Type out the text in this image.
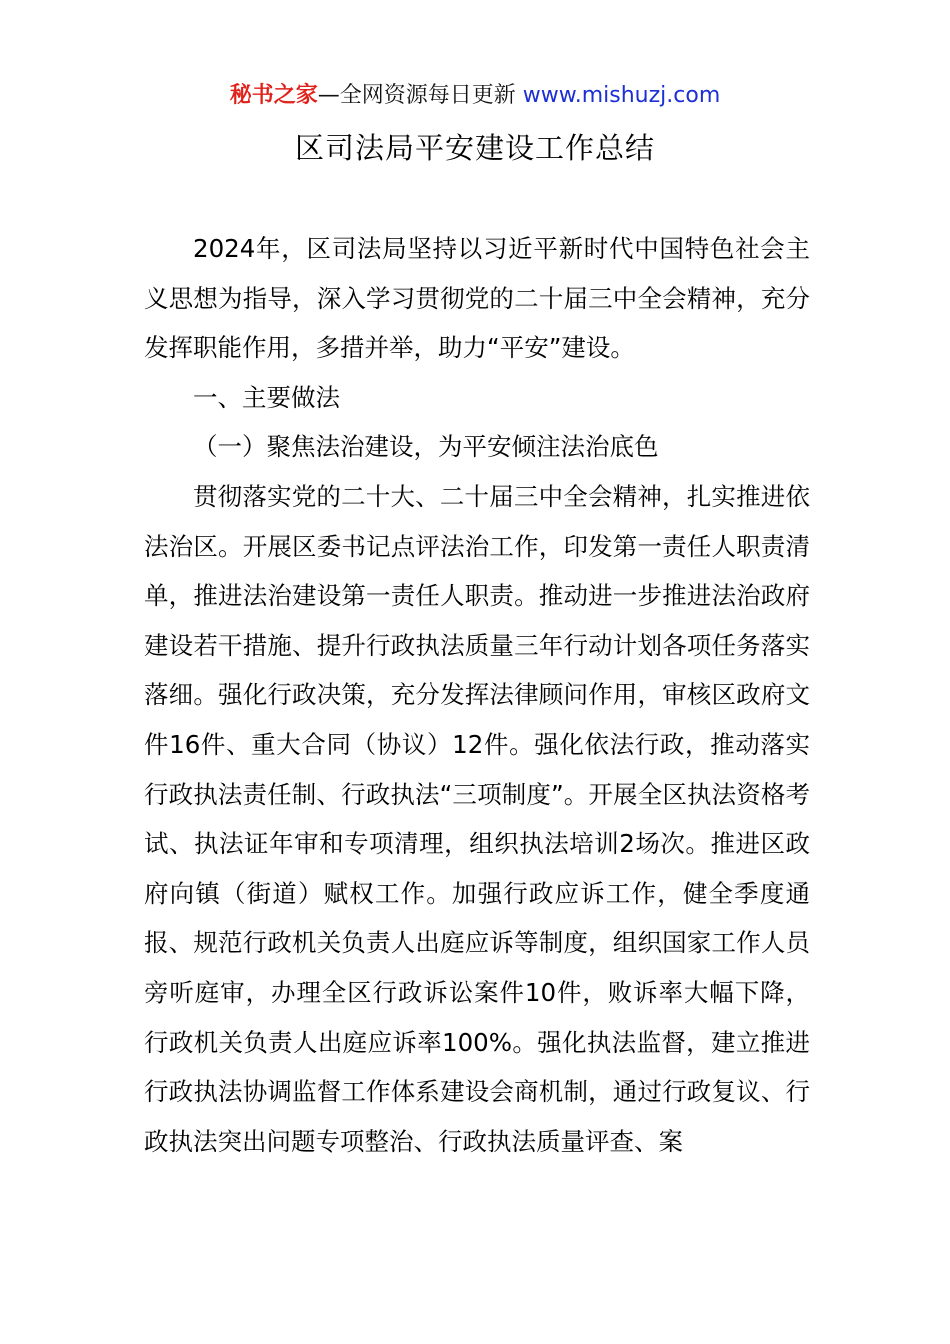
秘书之家—全网资源每日更新 www.mishuzj.com
区司法局平安建设工作总结

2024年，区司法局坚持以习近平新时代中国特色社会主义思想为指导，深入学习贯彻党的二十届三中全会精神，充分发挥职能作用，多措并举，助力“平安”建设。

一、主要做法

（一）聚焦法治建设，为平安倾注法治底色

贯彻落实党的二十大、二十届三中全会精神，扎实推进依法治区。开展区委书记点评法治工作，印发第一责任人职责清单，推进法治建设第一责任人职责。推动进一步推进法治政府建设若干措施、提升行政执法质量三年行动计划各项任务落实落细。强化行政决策，充分发挥法律顾问作用，审核区政府文件16件、重大合同（协议）12件。强化依法行政，推动落实行政执法责任制、行政执法“三项制度”。开展全区执法资格考试、执法证年审和专项清理，组织执法培训2场次。推进区政府向镇（街道）赋权工作。加强行政应诉工作，健全季度通报、规范行政机关负责人出庭应诉等制度，组织国家工作人员旁听庭审，办理全区行政诉讼案件10件，败诉率大幅下降，行政机关负责人出庭应诉率100%。强化执法监督，建立推进行政执法协调监督工作体系建设会商机制，通过行政复议、行政执法突出问题专项整治、行政执法质量评查、案
